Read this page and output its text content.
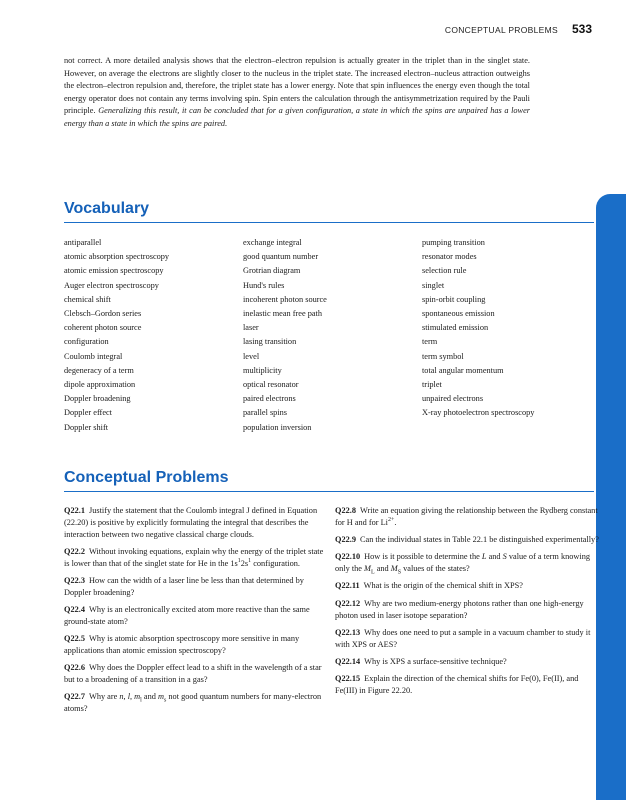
CONCEPTUAL PROBLEMS 533
not correct. A more detailed analysis shows that the electron–electron repulsion is actually greater in the triplet than in the singlet state. However, on average the electrons are slightly closer to the nucleus in the triplet state. The increased electron–nucleus attraction outweighs the electron–electron repulsion and, therefore, the triplet state has a lower energy. Note that spin influences the energy even though the total energy operator does not contain any terms involving spin. Spin enters the calculation through the antisymmetrization required by the Pauli principle. Generalizing this result, it can be concluded that for a given configuration, a state in which the spins are unpaired has a lower energy than a state in which the spins are paired.
Vocabulary
antiparallel
atomic absorption spectroscopy
atomic emission spectroscopy
Auger electron spectroscopy
chemical shift
Clebsch–Gordon series
coherent photon source
configuration
Coulomb integral
degeneracy of a term
dipole approximation
Doppler broadening
Doppler effect
Doppler shift
exchange integral
good quantum number
Grotrian diagram
Hund's rules
incoherent photon source
inelastic mean free path
laser
lasing transition
level
multiplicity
optical resonator
paired electrons
parallel spins
population inversion
pumping transition
resonator modes
selection rule
singlet
spin-orbit coupling
spontaneous emission
stimulated emission
term
term symbol
total angular momentum
triplet
unpaired electrons
X-ray photoelectron spectroscopy
Conceptual Problems
Q22.1 Justify the statement that the Coulomb integral J defined in Equation (22.20) is positive by explicitly formulating the integral that describes the interaction between two negative classical charge clouds.
Q22.2 Without invoking equations, explain why the energy of the triplet state is lower than that of the singlet state for He in the $1s^12s^1$ configuration.
Q22.3 How can the width of a laser line be less than that determined by Doppler broadening?
Q22.4 Why is an electronically excited atom more reactive than the same ground-state atom?
Q22.5 Why is atomic absorption spectroscopy more sensitive in many applications than atomic emission spectroscopy?
Q22.6 Why does the Doppler effect lead to a shift in the wavelength of a star but to a broadening of a transition in a gas?
Q22.7 Why are n, l, $m_l$ and $m_s$ not good quantum numbers for many-electron atoms?
Q22.8 Write an equation giving the relationship between the Rydberg constant for H and for $Li^{2+}$.
Q22.9 Can the individual states in Table 22.1 be distinguished experimentally?
Q22.10 How is it possible to determine the L and S value of a term knowing only the $M_L$ and $M_S$ values of the states?
Q22.11 What is the origin of the chemical shift in XPS?
Q22.12 Why are two medium-energy photons rather than one high-energy photon used in laser isotope separation?
Q22.13 Why does one need to put a sample in a vacuum chamber to study it with XPS or AES?
Q22.14 Why is XPS a surface-sensitive technique?
Q22.15 Explain the direction of the chemical shifts for Fe(0), Fe(II), and Fe(III) in Figure 22.20.
